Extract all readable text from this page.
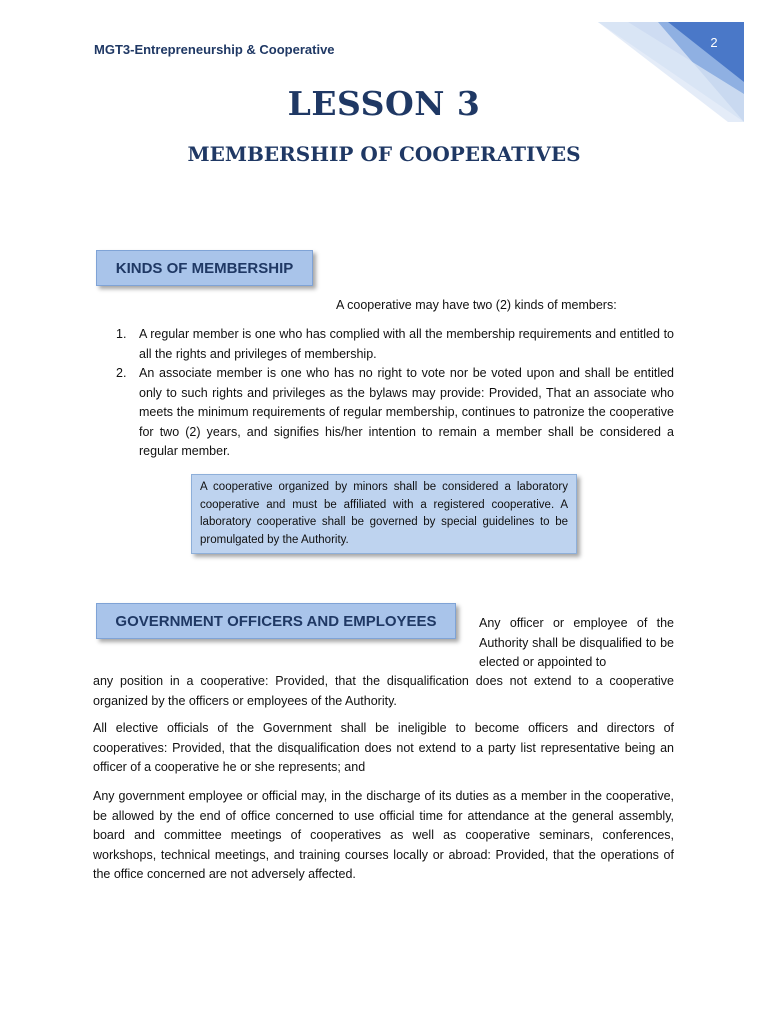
2
MGT3-Entrepreneurship & Cooperative
LESSON 3
MEMBERSHIP OF COOPERATIVES
KINDS OF MEMBERSHIP
A cooperative may have two (2) kinds of members:
1. A regular member is one who has complied with all the membership requirements and entitled to all the rights and privileges of membership.
2. An associate member is one who has no right to vote nor be voted upon and shall be entitled only to such rights and privileges as the bylaws may provide: Provided, That an associate who meets the minimum requirements of regular membership, continues to patronize the cooperative for two (2) years, and signifies his/her intention to remain a member shall be considered a regular member.
A cooperative organized by minors shall be considered a laboratory cooperative and must be affiliated with a registered cooperative. A laboratory cooperative shall be governed by special guidelines to be promulgated by the Authority.
GOVERNMENT OFFICERS AND EMPLOYEES	Any officer or employee of the Authority shall be disqualified to be elected or appointed to
any position in a cooperative: Provided, that the disqualification does not extend to a cooperative organized by the officers or employees of the Authority.
All elective officials of the Government shall be ineligible to become officers and directors of cooperatives: Provided, that the disqualification does not extend to a party list representative being an officer of a cooperative he or she represents; and
Any government employee or official may, in the discharge of its duties as a member in the cooperative, be allowed by the end of office concerned to use official time for attendance at the general assembly, board and committee meetings of cooperatives as well as cooperative seminars, conferences, workshops, technical meetings, and training courses locally or abroad: Provided, that the operations of the office concerned are not adversely affected.
